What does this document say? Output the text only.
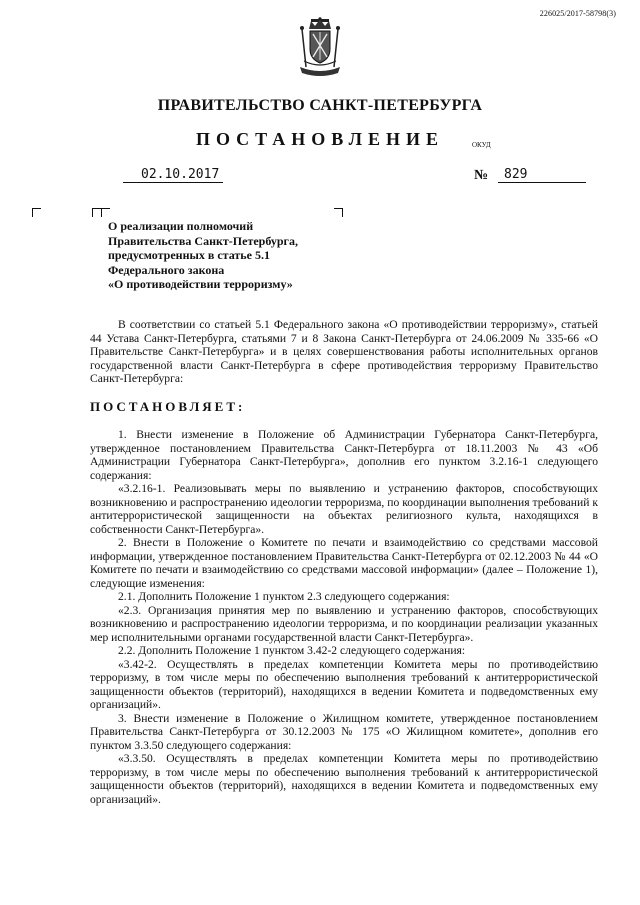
226025/2017-58798(3)
ПРАВИТЕЛЬСТВО САНКТ-ПЕТЕРБУРГА
ПОСТАНОВЛЕНИЕ	ОКУД
02.10.2017	№	829
О реализации полномочий
Правительства Санкт-Петербурга,
предусмотренных в статье 5.1
Федерального закона
«О противодействии терроризму»

В соответствии со статьей 5.1 Федерального закона «О противодействии терроризму», статьей 44 Устава Санкт-Петербурга, статьями 7 и 8 Закона Санкт-Петербурга от 24.06.2009 № 335-66 «О Правительстве Санкт-Петербурга» и в целях совершенствования работы исполнительных органов государственной власти Санкт-Петербурга в сфере противодействия терроризму Правительство Санкт-Петербурга:

ПОСТАНОВЛЯЕТ:

1. Внести изменение в Положение об Администрации Губернатора Санкт-Петербурга, утвержденное постановлением Правительства Санкт-Петербурга от 18.11.2003 № 43 «Об Администрации Губернатора Санкт-Петербурга», дополнив его пунктом 3.2.16-1 следующего содержания:

«3.2.16-1. Реализовывать меры по выявлению и устранению факторов, способствующих возникновению и распространению идеологии терроризма, по координации выполнения требований к антитеррористической защищенности на объектах религиозного культа, находящихся в собственности Санкт-Петербурга».

2. Внести в Положение о Комитете по печати и взаимодействию со средствами массовой информации, утвержденное постановлением Правительства Санкт-Петербурга от 02.12.2003 № 44 «О Комитете по печати и взаимодействию со средствами массовой информации» (далее – Положение 1), следующие изменения:

2.1. Дополнить Положение 1 пунктом 2.3 следующего содержания:

«2.3. Организация принятия мер по выявлению и устранению факторов, способствующих возникновению и распространению идеологии терроризма, и по координации реализации указанных мер исполнительными органами государственной власти Санкт-Петербурга».

2.2. Дополнить Положение 1 пунктом 3.42-2 следующего содержания:

«3.42-2. Осуществлять в пределах компетенции Комитета меры по противодействию терроризму, в том числе меры по обеспечению выполнения требований к антитеррористической защищенности объектов (территорий), находящихся в ведении Комитета и подведомственных ему организаций».

3. Внести изменение в Положение о Жилищном комитете, утвержденное постановлением Правительства Санкт-Петербурга от 30.12.2003 № 175 «О Жилищном комитете», дополнив его пунктом 3.3.50 следующего содержания:

«3.3.50. Осуществлять в пределах компетенции Комитета меры по противодействию терроризму, в том числе меры по обеспечению выполнения требований к антитеррористической защищенности объектов (территорий), находящихся в ведении Комитета и подведомственных ему организаций».
